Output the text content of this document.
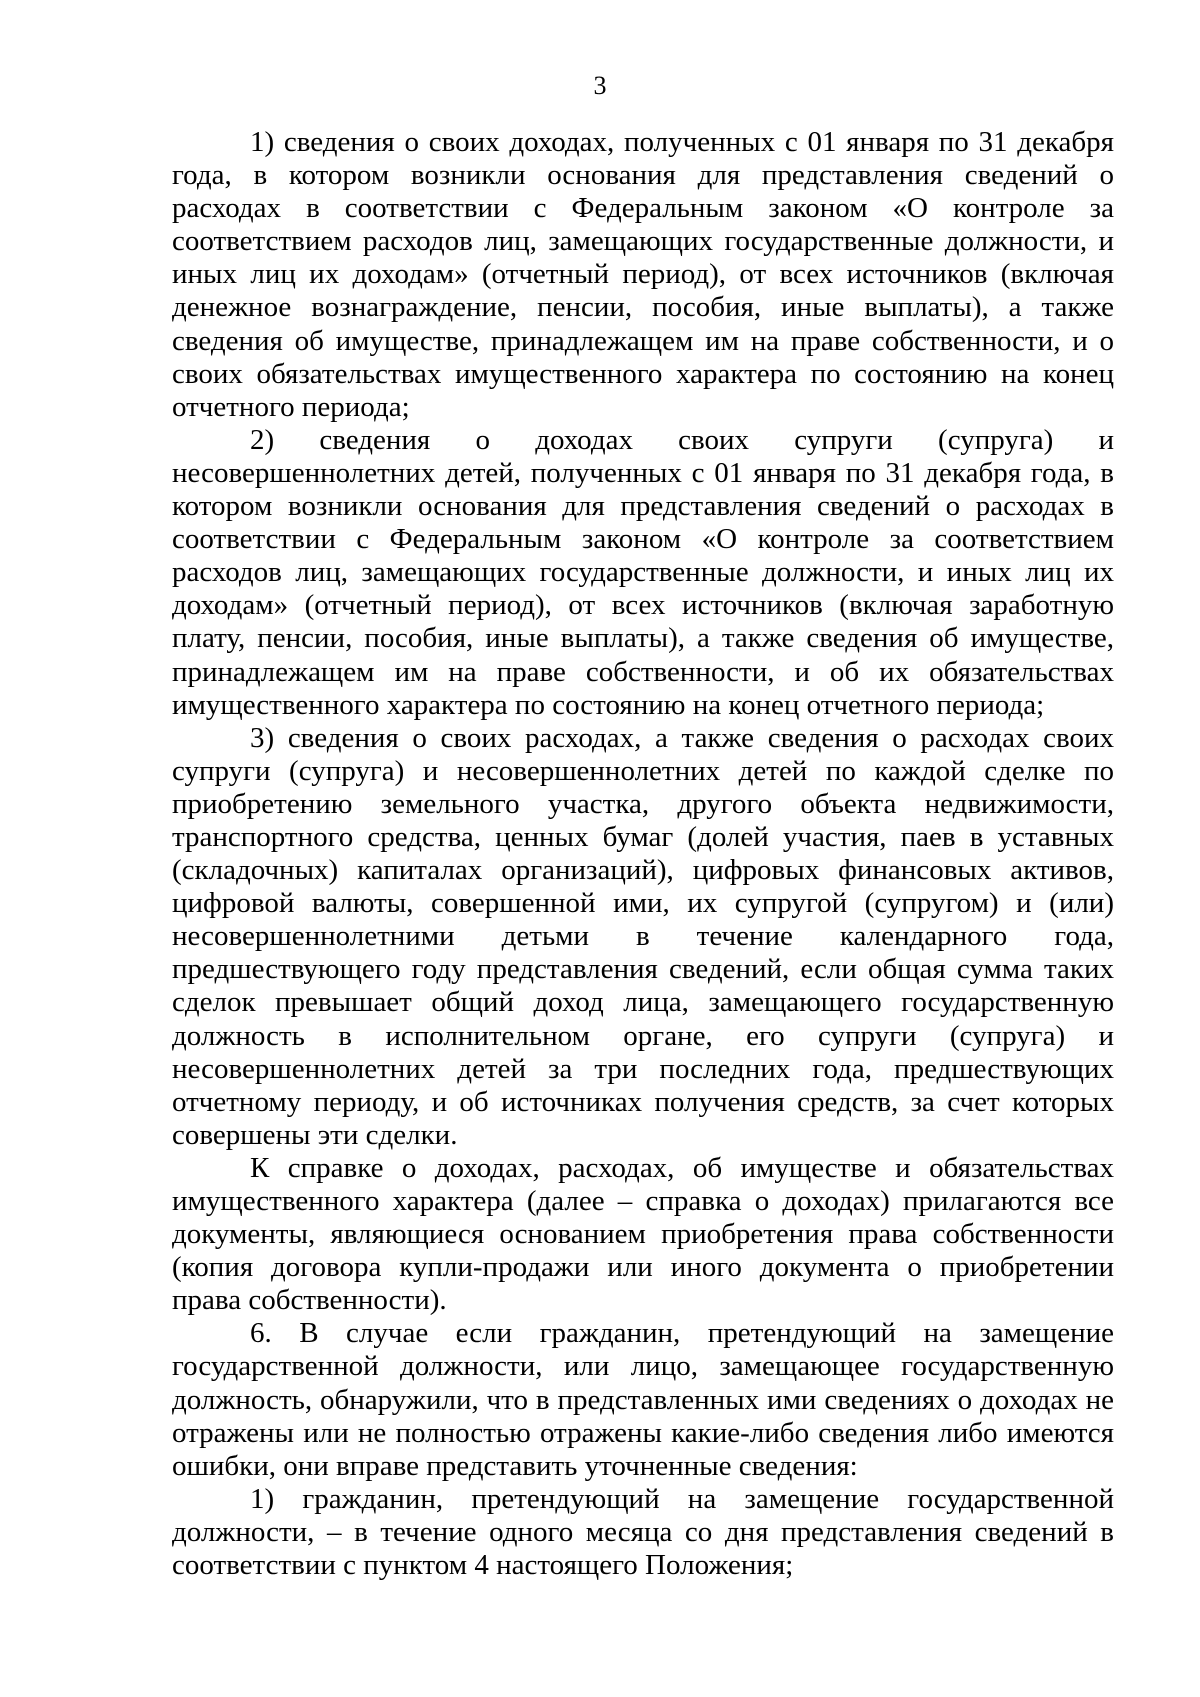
3

1) сведения о своих доходах, полученных с 01 января по 31 декабря года, в котором возникли основания для представления сведений о расходах в соответствии с Федеральным законом «О контроле за соответствием расходов лиц, замещающих государственные должности, и иных лиц их доходам» (отчетный период), от всех источников (включая денежное вознаграждение, пенсии, пособия, иные выплаты), а также сведения об имуществе, принадлежащем им на праве собственности, и о своих обязательствах имущественного характера по состоянию на конец отчетного периода;

2) сведения о доходах своих супруги (супруга) и несовершеннолетних детей, полученных с 01 января по 31 декабря года, в котором возникли основания для представления сведений о расходах в соответствии с Федеральным законом «О контроле за соответствием расходов лиц, замещающих государственные должности, и иных лиц их доходам» (отчетный период), от всех источников (включая заработную плату, пенсии, пособия, иные выплаты), а также сведения об имуществе, принадлежащем им на праве собственности, и об их обязательствах имущественного характера по состоянию на конец отчетного периода;

3) сведения о своих расходах, а также сведения о расходах своих супруги (супруга) и несовершеннолетних детей по каждой сделке по приобретению земельного участка, другого объекта недвижимости, транспортного средства, ценных бумаг (долей участия, паев в уставных (складочных) капиталах организаций), цифровых финансовых активов, цифровой валюты, совершенной ими, их супругой (супругом) и (или) несовершеннолетними детьми в течение календарного года, предшествующего году представления сведений, если общая сумма таких сделок превышает общий доход лица, замещающего государственную должность в исполнительном органе, его супруги (супруга) и несовершеннолетних детей за три последних года, предшествующих отчетному периоду, и об источниках получения средств, за счет которых совершены эти сделки.

К справке о доходах, расходах, об имуществе и обязательствах имущественного характера (далее – справка о доходах) прилагаются все документы, являющиеся основанием приобретения права собственности (копия договора купли-продажи или иного документа о приобретении права собственности).

6. В случае если гражданин, претендующий на замещение государственной должности, или лицо, замещающее государственную должность, обнаружили, что в представленных ими сведениях о доходах не отражены или не полностью отражены какие-либо сведения либо имеются ошибки, они вправе представить уточненные сведения:

1) гражданин, претендующий на замещение государственной должности, – в течение одного месяца со дня представления сведений в соответствии с пунктом 4 настоящего Положения;
